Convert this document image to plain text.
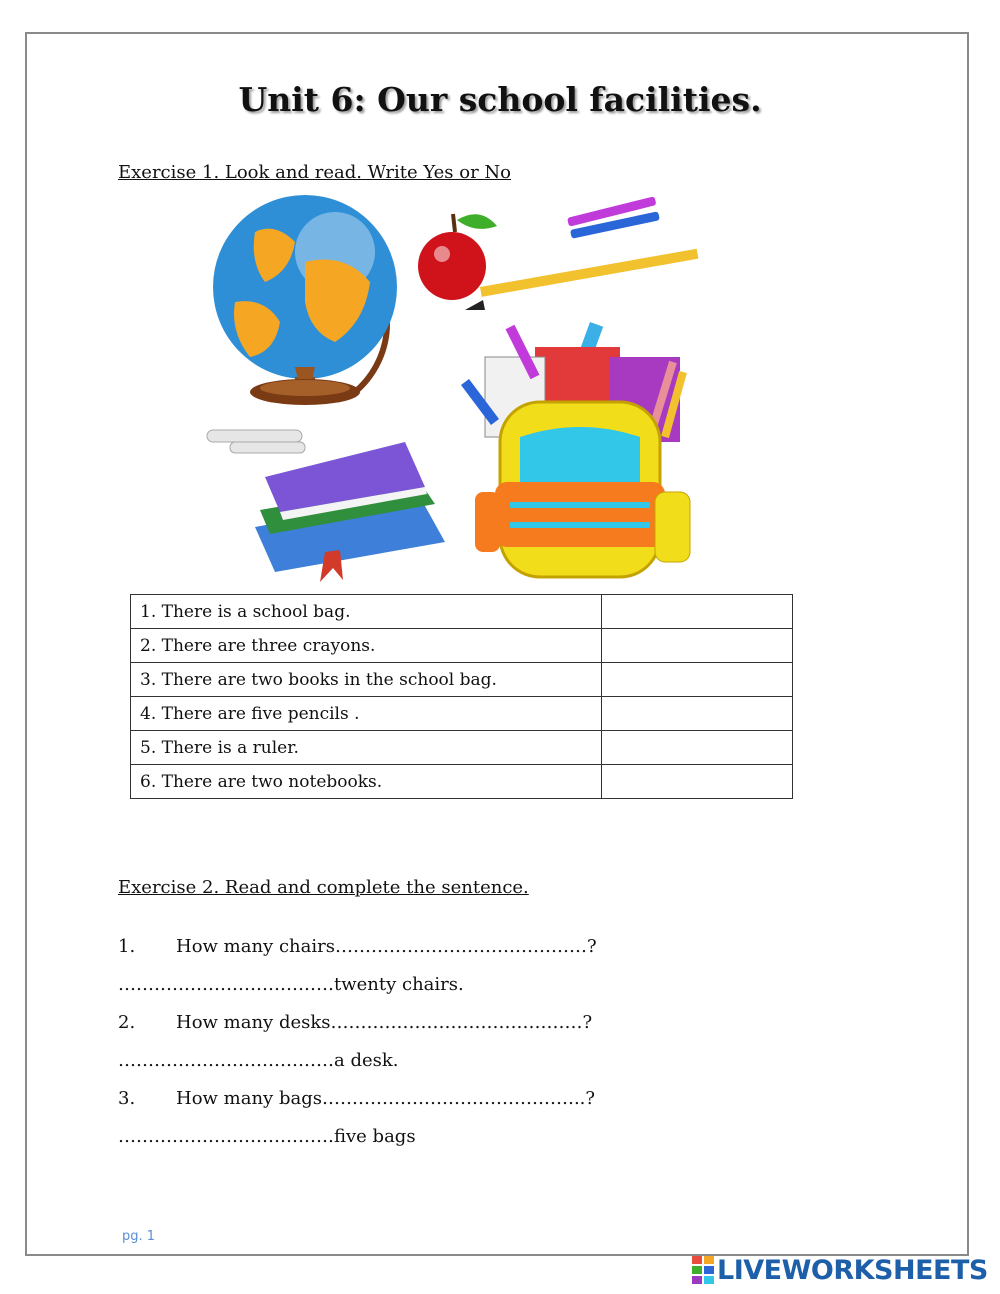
Unit 6: Our school facilities.
Exercise 1. Look and read. Write Yes or No
1. There is a school bag.	
2. There are three crayons.	
3. There are two books in the school bag.	
4. There are five pencils .	
5. There is a ruler.	
6. There are two notebooks.	
Exercise 2. Read and complete the sentence.
1. How many chairs……………………………………?
………………………………twenty chairs.
2. How many desks……………………………………?
………………………………a desk.
3. How many bags……………………………………..?
………………………………five bags
pg. 1
LIVEWORKSHEETS
